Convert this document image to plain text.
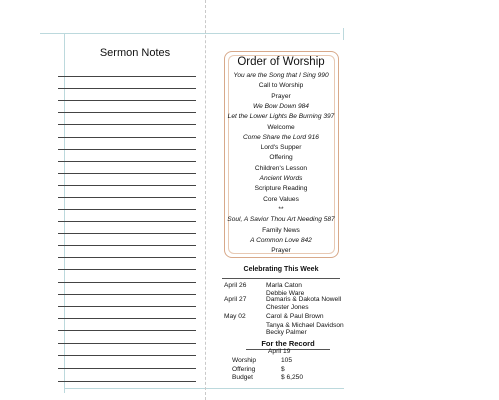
Sermon Notes
Order of Worship
You are the Song that I Sing 990
Call to Worship
Prayer
We Bow Down 984
Let the Lower Lights Be Burning 397
Welcome
Come Share the Lord 916
Lord's Supper
Offering
Children's Lesson
Ancient Words
Scripture Reading
Core Values
**
Soul, A Savior Thou Art Needing 587
Family News
A Common Love 842
Prayer
Celebrating This Week
April 26	Marla Caton
Debbie Ware
April 27	Damaris & Dakota Nowell
Chester Jones
May 02	Carol & Paul Brown
Tanya & Michael Davidson
Becky Palmer
For the Record
April 19
Worship	105
Offering	$
Budget	$ 6,250
